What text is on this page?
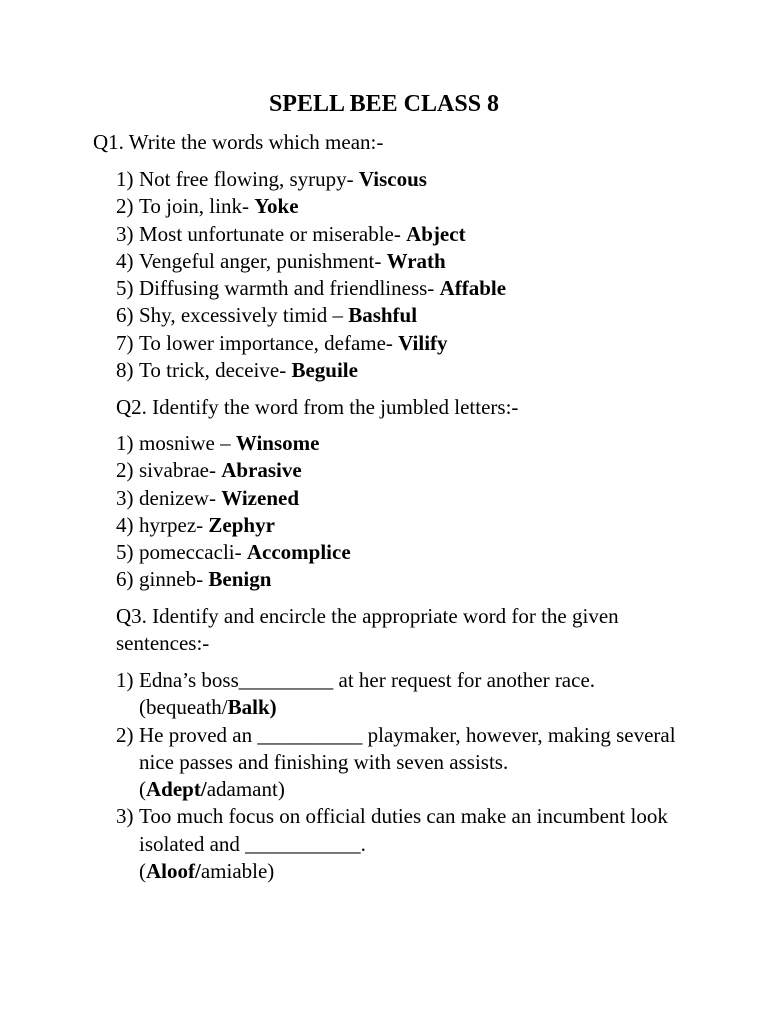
SPELL BEE CLASS 8

Q1. Write the words which mean:-

1) Not free flowing, syrupy- Viscous
2) To join, link- Yoke
3) Most unfortunate or miserable- Abject
4) Vengeful anger, punishment- Wrath
5) Diffusing warmth and friendliness- Affable
6) Shy, excessively timid – Bashful
7) To lower importance, defame- Vilify
8) To trick, deceive- Beguile

Q2. Identify the word from the jumbled letters:-

1) mosniwe – Winsome
2) sivabrae- Abrasive
3) denizew- Wizened
4) hyrpez- Zephyr
5) pomeccacli- Accomplice
6) ginneb- Benign

Q3. Identify and encircle the appropriate word for the given sentences:-

1) Edna’s boss_________ at her request for another race.
(bequeath/Balk)
2) He proved an __________ playmaker, however, making several nice passes and finishing with seven assists.
(Adept/adamant)
3) Too much focus on official duties can make an incumbent look isolated and ___________.
(Aloof/amiable)
